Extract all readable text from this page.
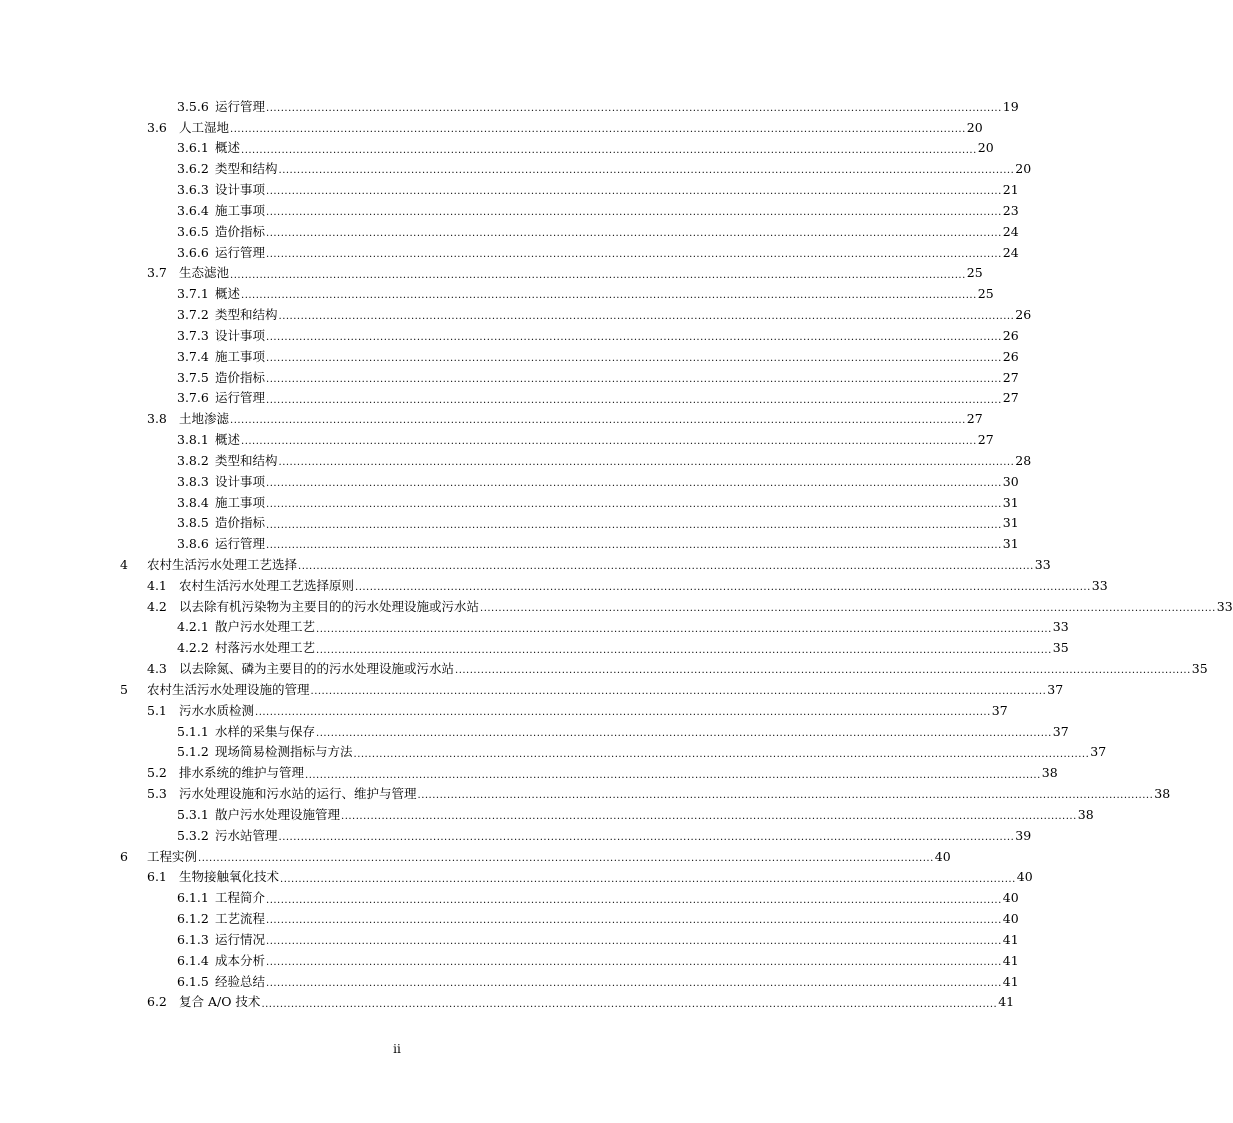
3.5.6 运行管理 ........................................................................................................................................................................................................ 19
3.6 人工湿地 ........................................................................................................................................................................................................ 20
3.6.1 概述 ........................................................................................................................................................................................................ 20
3.6.2 类型和结构 ........................................................................................................................................................................................................ 20
3.6.3 设计事项 ........................................................................................................................................................................................................ 21
3.6.4 施工事项 ........................................................................................................................................................................................................ 23
3.6.5 造价指标 ........................................................................................................................................................................................................ 24
3.6.6 运行管理 ........................................................................................................................................................................................................ 24
3.7 生态滤池 ........................................................................................................................................................................................................ 25
3.7.1 概述 ........................................................................................................................................................................................................ 25
3.7.2 类型和结构 ........................................................................................................................................................................................................ 26
3.7.3 设计事项 ........................................................................................................................................................................................................ 26
3.7.4 施工事项 ........................................................................................................................................................................................................ 26
3.7.5 造价指标 ........................................................................................................................................................................................................ 27
3.7.6 运行管理 ........................................................................................................................................................................................................ 27
3.8 土地渗滤 ........................................................................................................................................................................................................ 27
3.8.1 概述 ........................................................................................................................................................................................................ 27
3.8.2 类型和结构 ........................................................................................................................................................................................................ 28
3.8.3 设计事项 ........................................................................................................................................................................................................ 30
3.8.4 施工事项 ........................................................................................................................................................................................................ 31
3.8.5 造价指标 ........................................................................................................................................................................................................ 31
3.8.6 运行管理 ........................................................................................................................................................................................................ 31
4	农村生活污水处理工艺选择 ........................................................................................................................................................................................................ 33
4.1 农村生活污水处理工艺选择原则 ........................................................................................................................................................................................................ 33
4.2 以去除有机污染物为主要目的的污水处理设施或污水站 ........................................................................................................................................................................................................ 33
4.2.1 散户污水处理工艺 ........................................................................................................................................................................................................ 33
4.2.2 村落污水处理工艺 ........................................................................................................................................................................................................ 35
4.3 以去除氮、磷为主要目的的污水处理设施或污水站 ........................................................................................................................................................................................................ 35
5	农村生活污水处理设施的管理 ........................................................................................................................................................................................................ 37
5.1 污水水质检测 ........................................................................................................................................................................................................ 37
5.1.1 水样的采集与保存 ........................................................................................................................................................................................................ 37
5.1.2 现场简易检测指标与方法 ........................................................................................................................................................................................................ 37
5.2 排水系统的维护与管理 ........................................................................................................................................................................................................ 38
5.3 污水处理设施和污水站的运行、维护与管理 ........................................................................................................................................................................................................ 38
5.3.1 散户污水处理设施管理 ........................................................................................................................................................................................................ 38
5.3.2 污水站管理 ........................................................................................................................................................................................................ 39
6	工程实例 ........................................................................................................................................................................................................ 40
6.1 生物接触氧化技术 ........................................................................................................................................................................................................ 40
6.1.1 工程简介 ........................................................................................................................................................................................................ 40
6.1.2 工艺流程 ........................................................................................................................................................................................................ 40
6.1.3 运行情况 ........................................................................................................................................................................................................ 41
6.1.4 成本分析 ........................................................................................................................................................................................................ 41
6.1.5 经验总结 ........................................................................................................................................................................................................ 41
6.2 复合 A/O 技术 ........................................................................................................................................................................................................ 41
ii
